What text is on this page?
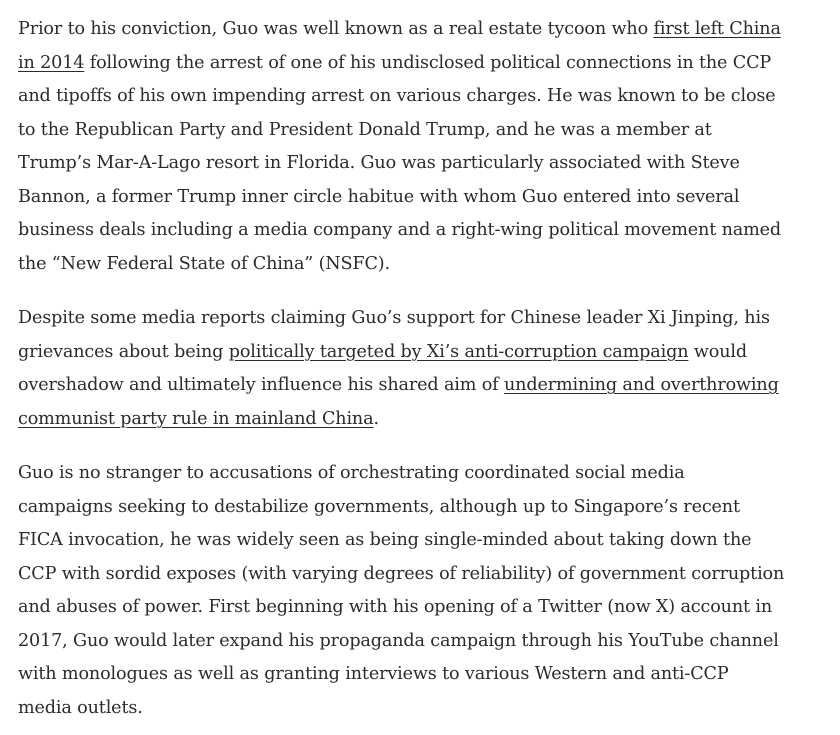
Prior to his conviction, Guo was well known as a real estate tycoon who first left China
in 2014 following the arrest of one of his undisclosed political connections in the CCP
and tipoffs of his own impending arrest on various charges. He was known to be close
to the Republican Party and President Donald Trump, and he was a member at
Trump’s Mar-A-Lago resort in Florida. Guo was particularly associated with Steve
Bannon, a former Trump inner circle habitue with whom Guo entered into several
business deals including a media company and a right-wing political movement named
the “New Federal State of China” (NSFC).

Despite some media reports claiming Guo’s support for Chinese leader Xi Jinping, his
grievances about being politically targeted by Xi’s anti-corruption campaign would
overshadow and ultimately influence his shared aim of undermining and overthrowing
communist party rule in mainland China.

Guo is no stranger to accusations of orchestrating coordinated social media
campaigns seeking to destabilize governments, although up to Singapore’s recent
FICA invocation, he was widely seen as being single-minded about taking down the
CCP with sordid exposes (with varying degrees of reliability) of government corruption
and abuses of power. First beginning with his opening of a Twitter (now X) account in
2017, Guo would later expand his propaganda campaign through his YouTube channel
with monologues as well as granting interviews to various Western and anti-CCP
media outlets.
